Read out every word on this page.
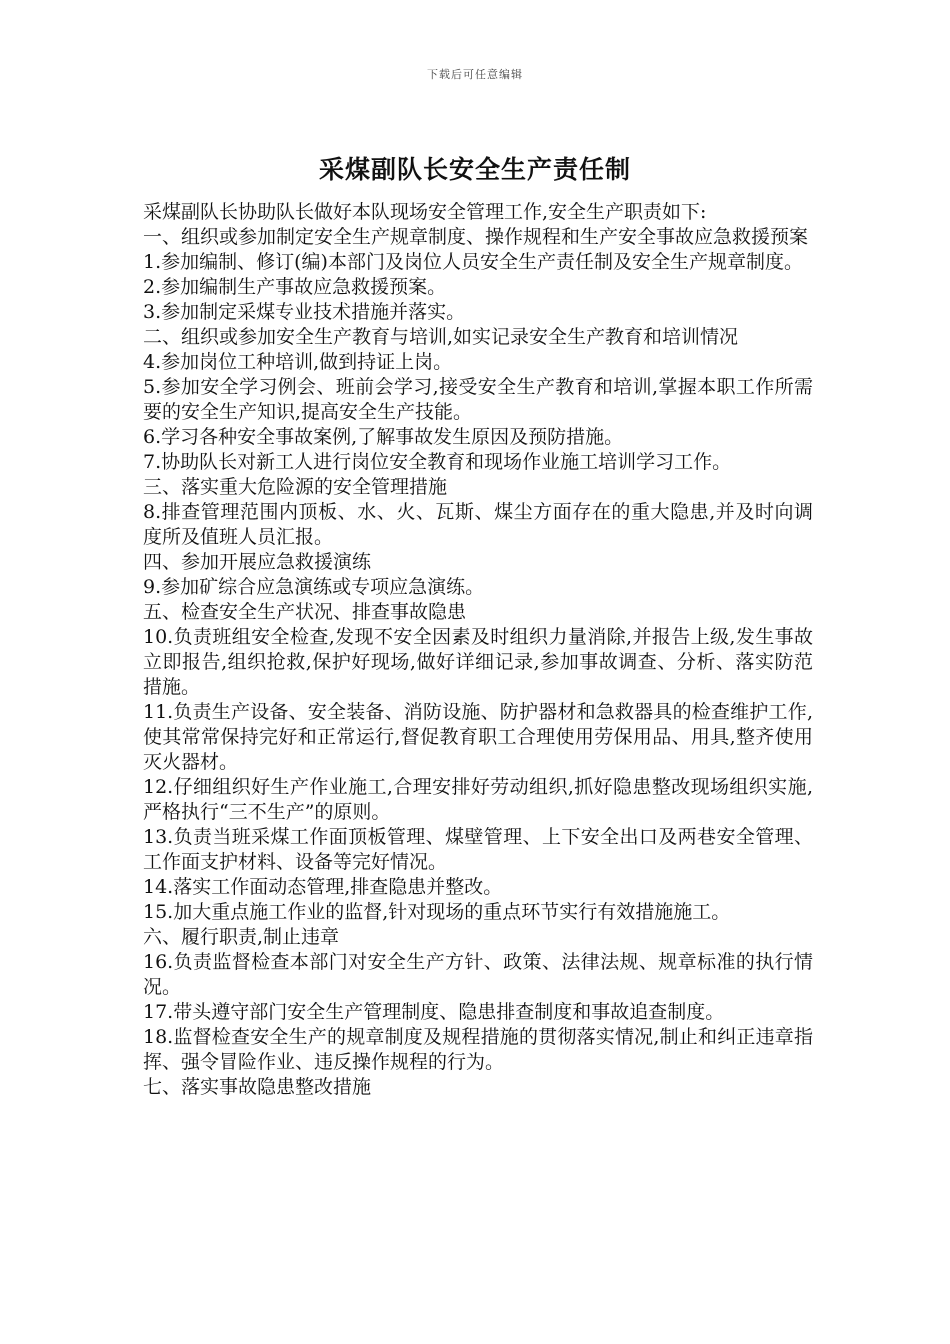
下载后可任意编辑
采煤副队长安全生产责任制

采煤副队长协助队长做好本队现场安全管理工作,安全生产职责如下:

一、组织或参加制定安全生产规章制度、操作规程和生产安全事故应急救援预案

1.参加编制、修订(编)本部门及岗位人员安全生产责任制及安全生产规章制度。

2.参加编制生产事故应急救援预案。

3.参加制定采煤专业技术措施并落实。

二、组织或参加安全生产教育与培训,如实记录安全生产教育和培训情况

4.参加岗位工种培训,做到持证上岗。

5.参加安全学习例会、班前会学习,接受安全生产教育和培训,掌握本职工作所需要的安全生产知识,提高安全生产技能。

6.学习各种安全事故案例,了解事故发生原因及预防措施。

7.协助队长对新工人进行岗位安全教育和现场作业施工培训学习工作。

三、落实重大危险源的安全管理措施

8.排查管理范围内顶板、水、火、瓦斯、煤尘方面存在的重大隐患,并及时向调度所及值班人员汇报。

四、参加开展应急救援演练

9.参加矿综合应急演练或专项应急演练。

五、检查安全生产状况、排查事故隐患

10.负责班组安全检查,发现不安全因素及时组织力量消除,并报告上级,发生事故立即报告,组织抢救,保护好现场,做好详细记录,参加事故调查、分析、落实防范措施。

11.负责生产设备、安全装备、消防设施、防护器材和急救器具的检查维护工作,使其常常保持完好和正常运行,督促教育职工合理使用劳保用品、用具,整齐使用灭火器材。

12.仔细组织好生产作业施工,合理安排好劳动组织,抓好隐患整改现场组织实施,严格执行“三不生产”的原则。

13.负责当班采煤工作面顶板管理、煤壁管理、上下安全出口及两巷安全管理、工作面支护材料、设备等完好情况。

14.落实工作面动态管理,排查隐患并整改。

15.加大重点施工作业的监督,针对现场的重点环节实行有效措施施工。

六、履行职责,制止违章

16.负责监督检查本部门对安全生产方针、政策、法律法规、规章标准的执行情况。

17.带头遵守部门安全生产管理制度、隐患排查制度和事故追查制度。

18.监督检查安全生产的规章制度及规程措施的贯彻落实情况,制止和纠正违章指挥、强令冒险作业、违反操作规程的行为。

七、落实事故隐患整改措施
